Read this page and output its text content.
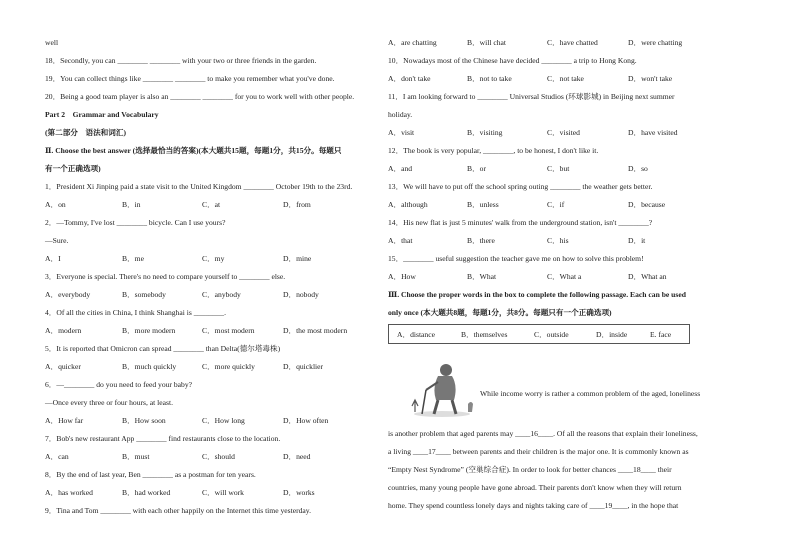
well
18．Secondly, you can ________ ________ with your two or three friends in the garden.
19．You can collect things like ________ ________ to make you remember what you've done.
20．Being a good team player is also an ________ ________ for you to work well with other people.
Part 2　Grammar and Vocabulary
(第二部分　语法和词汇)
Ⅱ. Choose the best answer (选择最恰当的答案)(本大题共15题，每题1分，共15分。每题只
有一个正确选项)
1．President Xi Jinping paid a state visit to the United Kingdom ________ October 19th to the 23rd.
A．on	B．in	C．at	D．from
2．—Tommy, I've lost ________ bicycle. Can I use yours?
—Sure.
A．I	B．me	C．my	D．mine
3．Everyone is special. There's no need to compare yourself to ________ else.
A．everybody	B．somebody	C．anybody	D．nobody
4．Of all the cities in China, I think Shanghai is ________.
A．modern	B．more modern	C．most modern	D．the most modern
5．It is reported that Omicron can spread ________ than Delta(德尔塔毒株)
A．quicker	B．much quickly	C．more quickly	D．quicklier
6．—________ do you need to feed your baby?
—Once every three or four hours, at least.
A．How far	B．How soon	C．How long	D．How often
7．Bob's new restaurant App ________ find restaurants close to the location.
A．can	B．must	C．should	D．need
8．By the end of last year, Ben ________ as a postman for ten years.
A．has worked	B．had worked	C．will work	D．works
9．Tina and Tom ________ with each other happily on the Internet this time yesterday.
A．are chatting	B．will chat	C．have chatted	D．were chatting
10．Nowadays most of the Chinese have decided ________ a trip to Hong Kong.
A．don't take	B．not to take	C．not take	D．won't take
11．I am looking forward to ________ Universal Studios (环球影城) in Beijing next summer
holiday.
A．visit	B．visiting	C．visited	D．have visited
12．The book is very popular, ________, to be honest, I don't like it.
A．and	B．or	C．but	D．so
13．We will have to put off the school spring outing ________ the weather gets better.
A．although	B．unless	C．if	D．because
14．His new flat is just 5 minutes' walk from the underground station, isn't ________?
A．that	B．there	C．his	D．it
15．________ useful suggestion the teacher gave me on how to solve this problem!
A．How	B．What	C．What a	D．What an
Ⅲ. Choose the proper words in the box to complete the following passage. Each can be used
only once (本大题共8题，每题1分，共8分。每题只有一个正确选项)
A．distance	B．themselves	C．outside	D．inside	E. face
While income worry is rather a common problem of the aged, loneliness
is another problem that aged parents may ____16____. Of all the reasons that explain their loneliness,
a living ____17____ between parents and their children is the major one. It is commonly known as
“Empty Nest Syndrome” (空巢综合症). In order to look for better chances ____18____ their
countries, many young people have gone abroad. Their parents don't know when they will return
home. They spend countless lonely days and nights taking care of ____19____, in the hope that
